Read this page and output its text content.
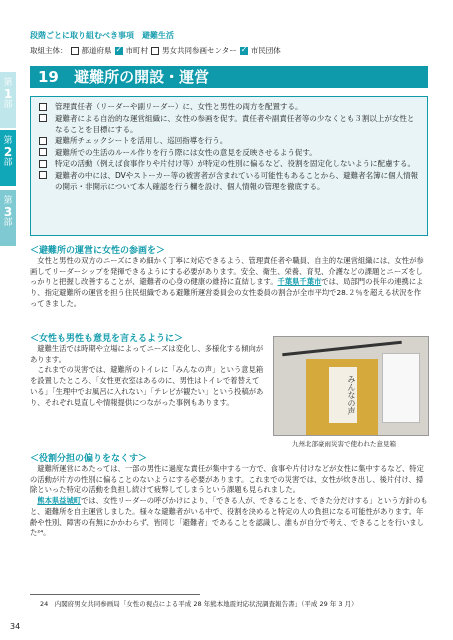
第
1
部
第
2
部
第
3
部
段階ごとに取り組むべき事項　避難生活
取組主体： 都道府県 ✓ 市町村 男女共同参画センター ✓ 市民団体
19 避難所の開設・運営
管理責任者（リーダーや副リーダー）に、女性と男性の両方を配置する。
避難者による自治的な運営組織に、女性の参画を促す。責任者や副責任者等の少なくとも３割以上が女性となることを目標にする。
避難所チェックシートを活用し、巡回指導を行う。
避難所での生活のルール作りを行う際には女性の意見を反映させるよう促す。
特定の活動（例えば食事作りや片付け等）が特定の性別に偏るなど、役割を固定化しないように配慮する。
避難者の中には、DVやストーカー等の被害者が含まれている可能性もあることから、避難者名簿に個人情報の開示・非開示について本人確認を行う欄を設け、個人情報の管理を徹底する。
＜避難所の運営に女性の参画を＞

女性と男性の双方のニーズにきめ細かく丁寧に対応できるよう、管理責任者や職員、自主的な運営組織には、女性が参画してリーダーシップを発揮できるようにする必要があります。安全、衛生、栄養、育児、介護などの課題とニーズをしっかりと把握し改善することが、避難者の心身の健康の維持に直結します。千葉県千葉市では、局部門の長年の連携により、指定避難所の運営を担う住民組織である避難所運営委員会の女性委員の割合が全市平均で28.２％を超える状況を作ってきました。

＜女性も男性も意見を言えるように＞

避難生活では時期や立場によってニーズは変化し、多様化する傾向があります。

これまでの災害では、避難所のトイレに「みんなの声」という意見箱を設置したところ、「女性更衣室はあるのに、男性はトイレで着替えている」「生理中でお風呂に入れない」「テレビが観たい」という投稿があり、それぞれ見直しや情報提供につながった事例もあります。	みんなの声
九州北部豪雨災害で使われた意見箱
＜役割分担の偏りをなくす＞

避難所運営にあたっては、一部の男性に過度な責任が集中する一方で、食事や片付けなどが女性に集中するなど、特定の活動が片方の性別に偏ることのないようにする必要があります。これまでの災害では、女性が炊き出し、後片付け、掃除といった特定の活動を負担し続けて疲弊してしまうという課題も見られました。

熊本県益城町では、女性リーダーの呼びかけにより、「できる人が、できることを、できた分だけする」という方針のもと、避難所を自主運営しました。様々な避難者がいる中で、役割を決めると特定の人の負担になる可能性があります。年齢や性別、障害の有無にかかわらず、皆同じ「避難者」であることを認識し、誰もが自分で考え、できることを行いました²⁴。

24　内閣府男女共同参画局「女性の視点による平成 28 年熊本地震対応状況調査報告書」（平成 29 年 3 月）
34
